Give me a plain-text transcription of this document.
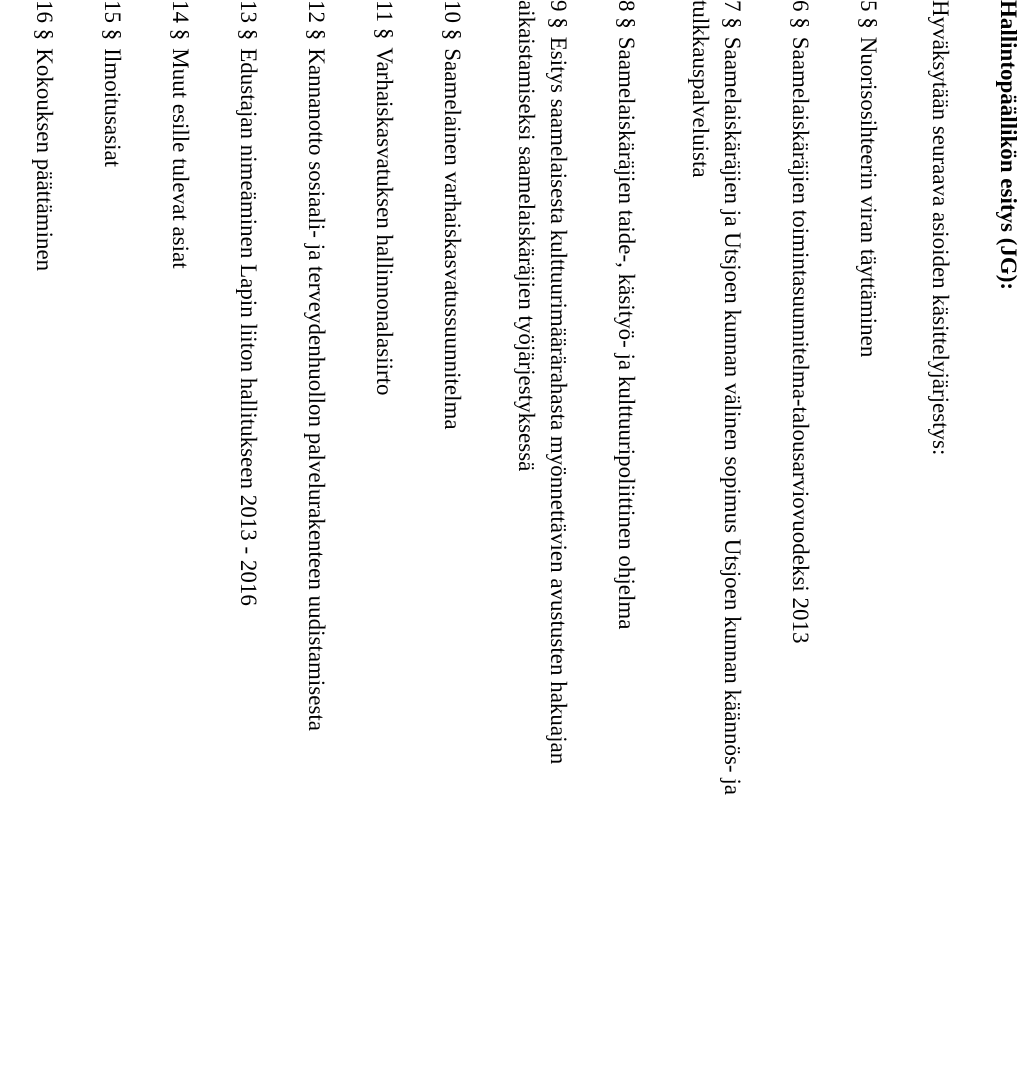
Hallintopäällikön esitys (JG):
Hyväksytään seuraava asioiden käsittelyjärjestys:
5 §Nuorisosihteerin viran täyttäminen
6 §Saamelaiskäräjien toimintasuunnitelma-talousarviovuodeksi 2013
7 §Saamelaiskäräjien ja Utsjoen kunnan välinen sopimus Utsjoen kunnan käännös- ja
tulkkauspalveluista
8 §Saamelaiskäräjien taide-, käsityö- ja kulttuuripoliittinen ohjelma
9 §Esitys saamelaisesta kulttuurimäärärahasta myönnettävien avustusten hakuajan
aikaistamiseksi saamelaiskäräjien työjärjestyksessä
10 §Saamelainen varhaiskasvatussuunnitelma
11 §Varhaiskasvatuksen hallinnonalasiirto
12 §Kannanotto sosiaali- ja terveydenhuollon palvelurakenteen uudistamisesta
13 §Edustajan nimeäminen Lapin liiton hallitukseen 2013 - 2016
14 §Muut esille tulevat asiat
15 §Ilmoitusasiat
16 §Kokouksen päättäminen
